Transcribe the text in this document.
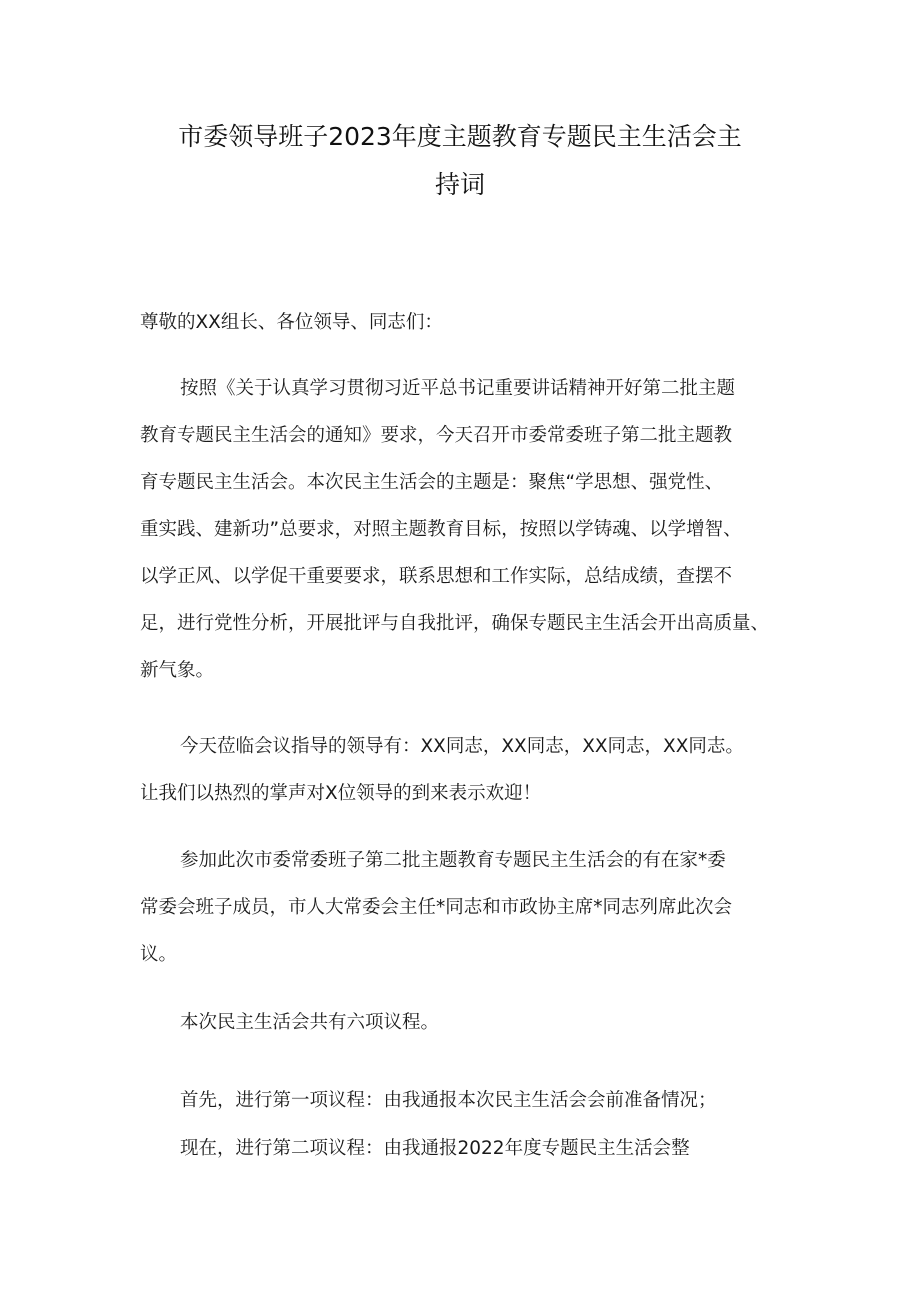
市委领导班子2023年度主题教育专题民主生活会主
持词
尊敬的XX组长、各位领导、同志们：
按照《关于认真学习贯彻习近平总书记重要讲话精神开好第二批主题
教育专题民主生活会的通知》要求，今天召开市委常委班子第二批主题教
育专题民主生活会。本次民主生活会的主题是：聚焦“学思想、强党性、
重实践、建新功”总要求，对照主题教育目标，按照以学铸魂、以学增智、
以学正风、以学促干重要要求，联系思想和工作实际，总结成绩，查摆不
足，进行党性分析，开展批评与自我批评，确保专题民主生活会开出高质量、
新气象。
今天莅临会议指导的领导有：XX同志，XX同志，XX同志，XX同志。
让我们以热烈的掌声对X位领导的到来表示欢迎！
参加此次市委常委班子第二批主题教育专题民主生活会的有在家*委
常委会班子成员，市人大常委会主任*同志和市政协主席*同志列席此次会
议。
本次民主生活会共有六项议程。
首先，进行第一项议程：由我通报本次民主生活会会前准备情况；
现在，进行第二项议程：由我通报2022年度专题民主生活会整
